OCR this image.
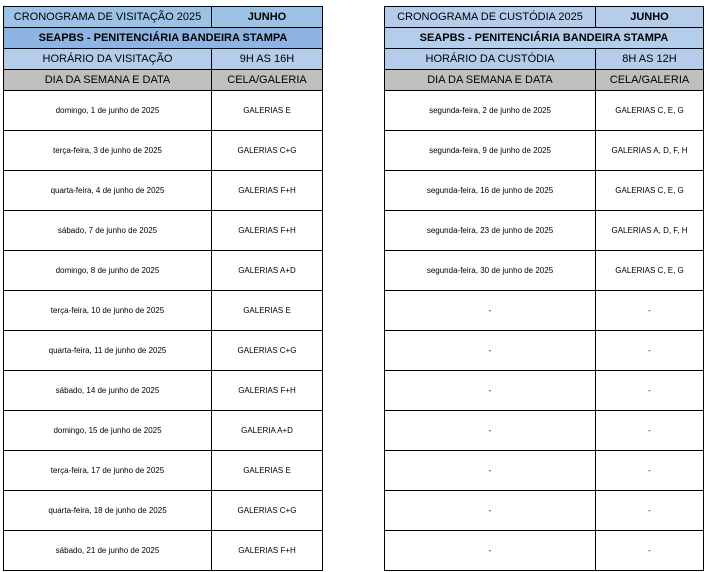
CRONOGRAMA DE VISITAÇÃO 2025	JUNHO
SEAPBS - PENITENCIÁRIA BANDEIRA STAMPA	
HORÁRIO DA VISITAÇÃO	9H AS 16H
DIA DA SEMANA E DATA	CELA/GALERIA
domingo, 1 de junho de 2025	GALERIAS E
terça-feira, 3 de junho de 2025	GALERIAS C+G
quarta-feira, 4 de junho de 2025	GALERIAS F+H
sábado, 7 de junho de 2025	GALERIAS F+H
domingo, 8 de junho de 2025	GALERIAS A+D
terça-feira, 10 de junho de 2025	GALERIAS E
quarta-feira, 11 de junho de 2025	GALERIAS C+G
sábado, 14 de junho de 2025	GALERIAS F+H
domingo, 15 de junho de 2025	GALERIA A+D
terça-feira, 17 de junho de 2025	GALERIAS E
quarta-feira, 18 de junho de 2025	GALERIAS C+G
sábado, 21 de junho de 2025	GALERIAS F+H
CRONOGRAMA DE CUSTÓDIA 2025	JUNHO
SEAPBS - PENITENCIÁRIA BANDEIRA STAMPA	
HORÁRIO DA CUSTÓDIA	8H AS 12H
DIA DA SEMANA E DATA	CELA/GALERIA
segunda-feira, 2 de junho de 2025	GALERIAS C, E, G
segunda-feira, 9 de junho de 2025	GALERIAS A, D, F, H
segunda-feira, 16 de junho de 2025	GALERIAS C, E, G
segunda-feira, 23 de junho de 2025	GALERIAS A, D, F, H
segunda-feira, 30 de junho de 2025	GALERIAS C, E, G
-	-
-	-
-	-
-	-
-	-
-	-
-	-
